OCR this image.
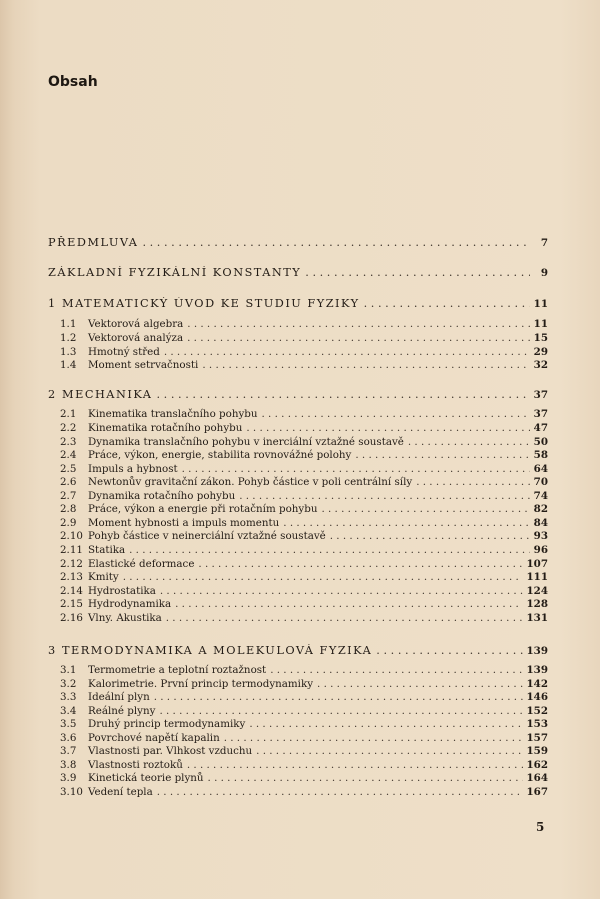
Obsah
PŘEDMLUVA . . .	7
ZÁKLADNÍ FYZIKÁLNÍ KONSTANTY . . .	9
1 MATEMATICKÝ ÚVOD KE STUDIU FYZIKY . . .	11
1.1	Vektorová algebra . . .	11
1.2	Vektorová analýza . . .	15
1.3	Hmotný střed . . .	29
1.4	Moment setrvačnosti . . .	32
2 MECHANIKA . . .	37
2.1	Kinematika translačního pohybu . . .	37
2.2	Kinematika rotačního pohybu . . .	47
2.3	Dynamika translačního pohybu v inerciální vztažné soustavě . . .	50
2.4	Práce, výkon, energie, stabilita rovnovážné polohy . . .	58
2.5	Impuls a hybnost . . .	64
2.6	Newtonův gravitační zákon. Pohyb částice v poli centrální síly . . .	70
2.7	Dynamika rotačního pohybu . . .	74
2.8	Práce, výkon a energie při rotačním pohybu . . .	82
2.9	Moment hybnosti a impuls momentu . . .	84
2.10 Pohyb částice v neinerciální vztažné soustavě . . .	93
2.11 Statika . . .	96
2.12 Elastické deformace . . .	107
2.13 Kmity . . .	111
2.14 Hydrostatika . . .	124
2.15 Hydrodynamika . . .	128
2.16 Vlny. Akustika . . .	131
3 TERMODYNAMIKA A MOLEKULOVÁ FYZIKA . . .	139
3.1	Termometrie a teplotní roztažnost . . .	139
3.2	Kalorimetrie. První princip termodynamiky . . .	142
3.3	Ideální plyn . . .	146
3.4	Reálné plyny . . .	152
3.5	Druhý princip termodynamiky . . .	153
3.6	Povrchové napětí kapalin . . .	157
3.7	Vlastnosti par. Vlhkost vzduchu . . .	159
3.8	Vlastnosti roztoků . . .	162
3.9	Kinetická teorie plynů . . .	164
3.10 Vedení tepla . . .	167
5
